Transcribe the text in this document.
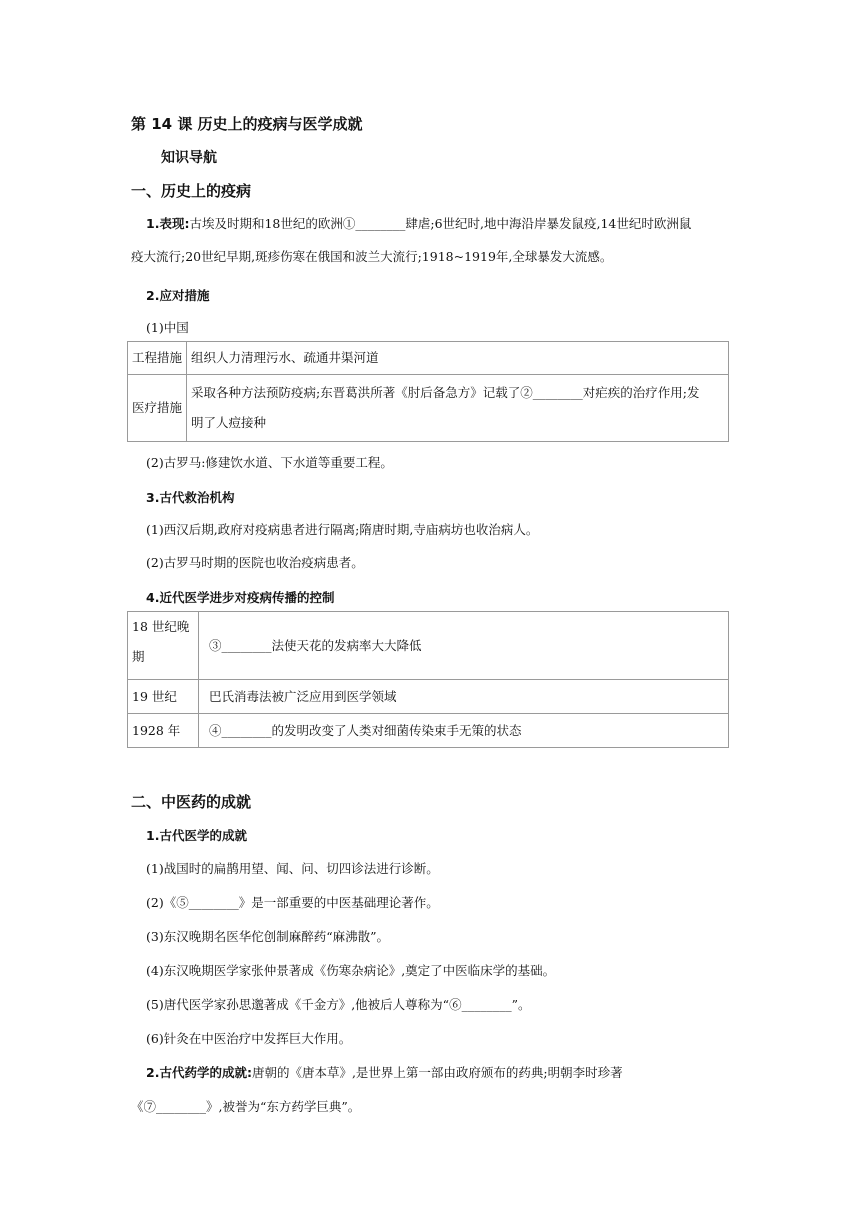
第 14 课 历史上的疫病与医学成就
知识导航
一、历史上的疫病
1.表现:古埃及时期和18世纪的欧洲①________肆虐;6世纪时,地中海沿岸暴发鼠疫,14世纪时欧洲鼠
疫大流行;20世纪早期,斑疹伤寒在俄国和波兰大流行;1918~1919年,全球暴发大流感。
2.应对措施
(1)中国
工程措施	组织人力清理污水、疏通井渠河道
医疗措施	采取各种方法预防疫病;东晋葛洪所著《肘后备急方》记载了②________对疟疾的治疗作用;发
明了人痘接种
(2)古罗马:修建饮水道、下水道等重要工程。
3.古代救治机构
(1)西汉后期,政府对疫病患者进行隔离;隋唐时期,寺庙病坊也收治病人。
(2)古罗马时期的医院也收治疫病患者。
4.近代医学进步对疫病传播的控制
18 世纪晚
期	③________法使天花的发病率大大降低
19 世纪	巴氏消毒法被广泛应用到医学领域
1928 年	④________的发明改变了人类对细菌传染束手无策的状态
二、中医药的成就
1.古代医学的成就
(1)战国时的扁鹊用望、闻、问、切四诊法进行诊断。
(2)《⑤________》是一部重要的中医基础理论著作。
(3)东汉晚期名医华佗创制麻醉药“麻沸散”。
(4)东汉晚期医学家张仲景著成《伤寒杂病论》,奠定了中医临床学的基础。
(5)唐代医学家孙思邈著成《千金方》,他被后人尊称为“⑥________”。
(6)针灸在中医治疗中发挥巨大作用。
2.古代药学的成就:唐朝的《唐本草》,是世界上第一部由政府颁布的药典;明朝李时珍著
《⑦________》,被誉为“东方药学巨典”。
